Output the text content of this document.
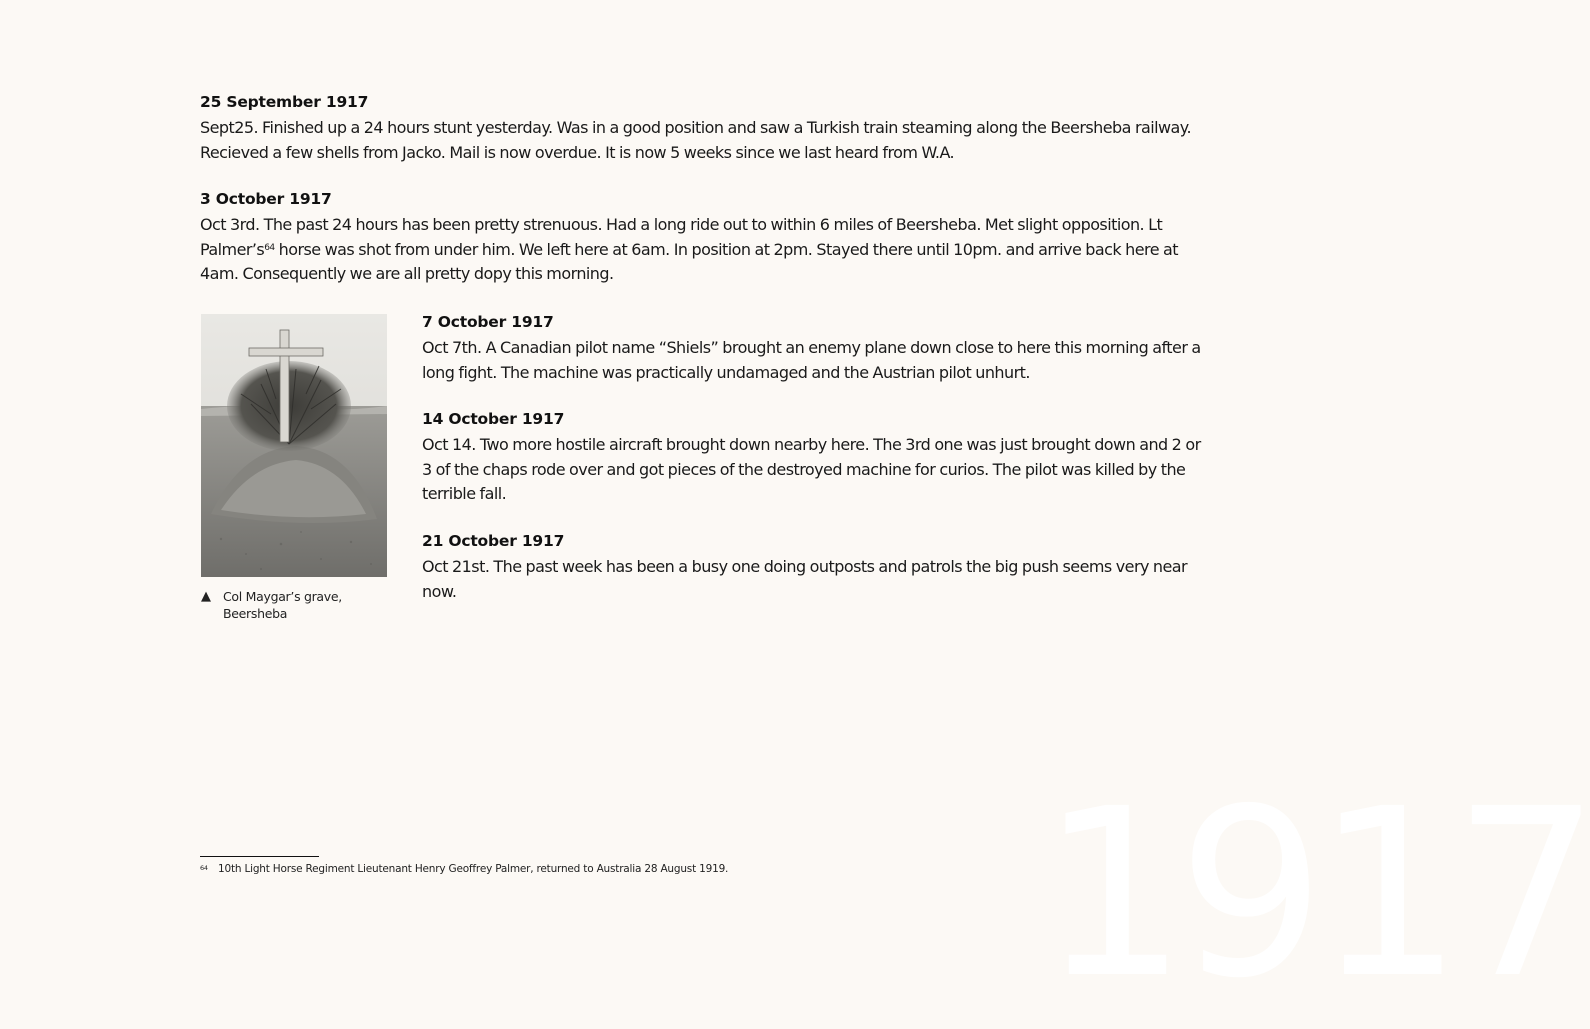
25 September 1917

Sept25. Finished up a 24 hours stunt yesterday. Was in a good position and saw a Turkish train steaming along the Beersheba railway. Recieved a few shells from Jacko. Mail is now overdue. It is now 5 weeks since we last heard from W.A.

3 October 1917

Oct 3rd. The past 24 hours has been pretty strenuous. Had a long ride out to within 6 miles of Beersheba. Met slight opposition. Lt Palmer’s$^{64}$ horse was shot from under him. We left here at 6am. In position at 2pm. Stayed there until 10pm. and arrive back here at 4am. Consequently we are all pretty dopy this morning.

▲ Col Maygar’s grave,
Beersheba
7 October 1917

Oct 7th. A Canadian pilot name “Shiels” brought an enemy plane down close to here this morning after a long fight. The machine was practically undamaged and the Austrian pilot unhurt.

14 October 1917

Oct 14. Two more hostile aircraft brought down nearby here. The 3rd one was just brought down and 2 or 3 of the chaps rode over and got pieces of the destroyed machine for curios. The pilot was killed by the terrible fall.

21 October 1917

Oct 21st. The past week has been a busy one doing outposts and patrols the big push seems very near now.

$^{64}$ 10th Light Horse Regiment Lieutenant Henry Geoffrey Palmer, returned to Australia 28 August 1919. 1917
